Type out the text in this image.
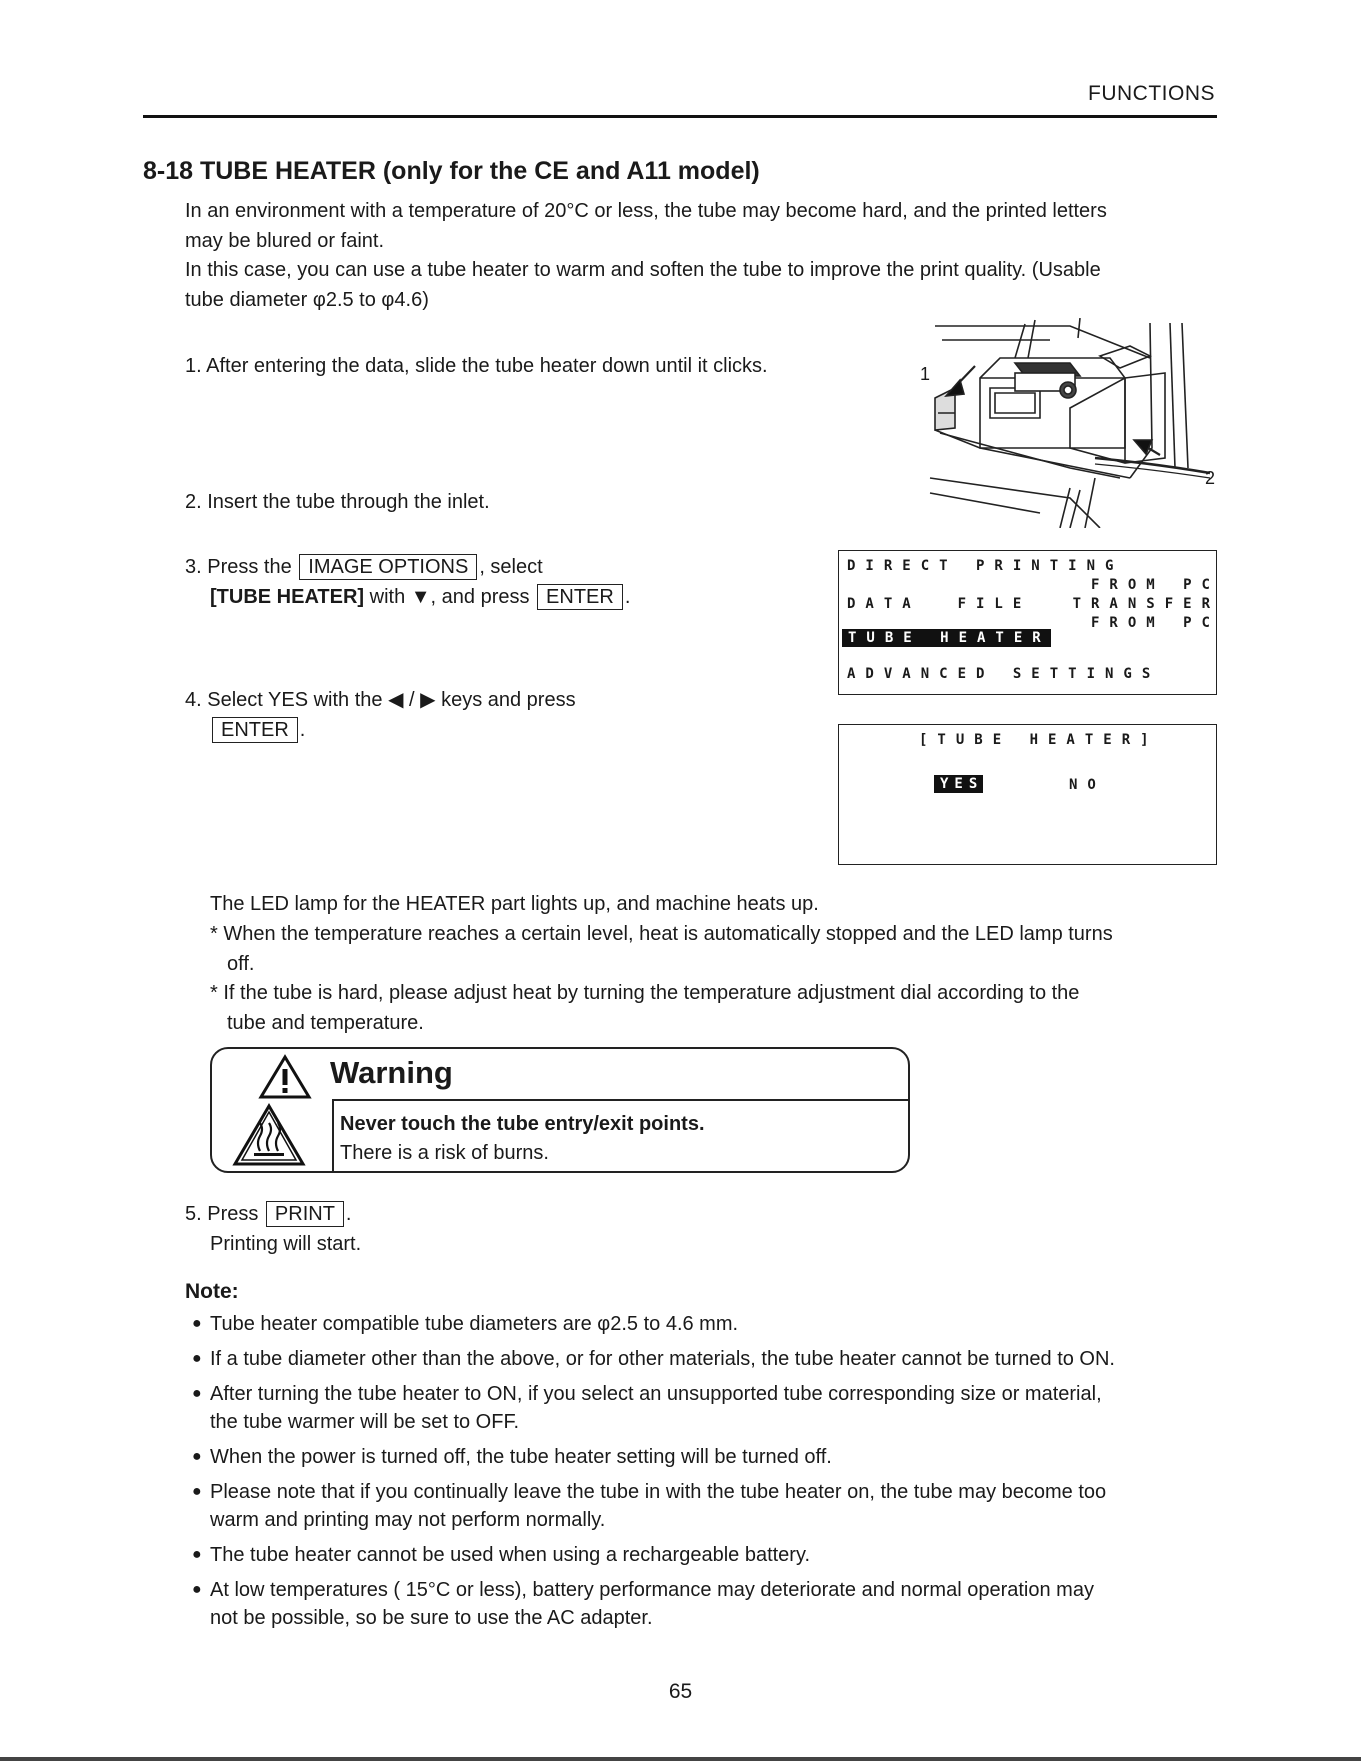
FUNCTIONS
8-18 TUBE HEATER (only for the CE and A11 model)
In an environment with a temperature of 20°C or less, the tube may become hard, and the printed letters
may be blured or faint.
In this case, you can use a tube heater to warm and soften the tube to improve the print quality. (Usable
tube diameter φ2.5 to φ4.6)
1. After entering the data, slide the tube heater down until it clicks.	1
2
2. Insert the tube through the inlet.
3. Press the IMAGE OPTIONS , select
[TUBE HEATER] with ▼, and press ENTER .
DIRECT PRINTING
FROM PC
DATA  FILE	TRANSFER
FROM PC
TUBE HEATER
ADVANCED SETTINGS
4. Select YES with the ◀ / ▶ keys and press
ENTER .	[TUBE HEATER]
YES	NO
The LED lamp for the HEATER part lights up, and machine heats up.
* When the temperature reaches a certain level, heat is automatically stopped and the LED lamp turns
off.
* If the tube is hard, please adjust heat by turning the temperature adjustment dial according to the
tube and temperature.
Warning
Never touch the tube entry/exit points.
There is a risk of burns.
5. Press PRINT .
Printing will start.
Note:
● Tube heater compatible tube diameters are φ2.5 to 4.6 mm.
● If a tube diameter other than the above, or for other materials, the tube heater cannot be turned to ON.
● After turning the tube heater to ON, if you select an unsupported tube corresponding size or material,
the tube warmer will be set to OFF.
● When the power is turned off, the tube heater setting will be turned off.
● Please note that if you continually leave the tube in with the tube heater on, the tube may become too
warm and printing may not perform normally.
● The tube heater cannot be used when using a rechargeable battery.
● At low temperatures ( 15°C or less), battery performance may deteriorate and normal operation may
not be possible, so be sure to use the AC adapter.
65
